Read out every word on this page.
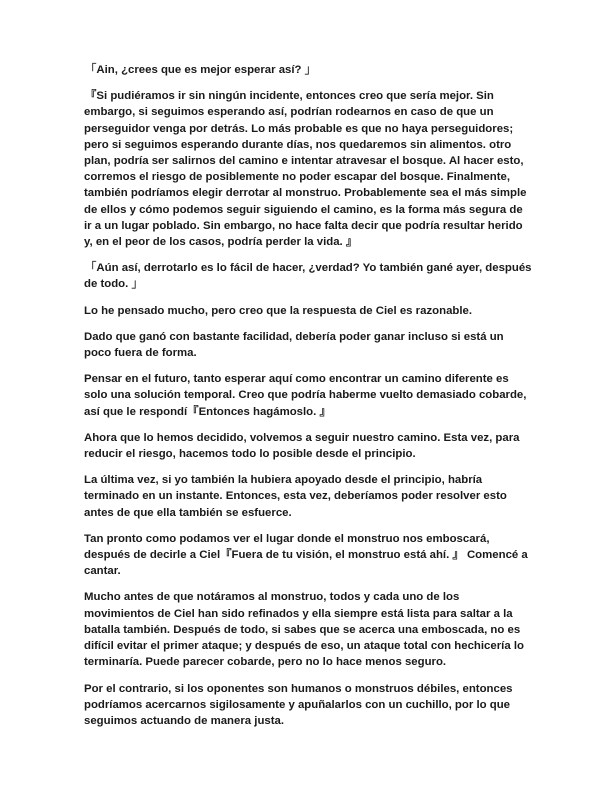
「Ain, ¿crees que es mejor esperar así? 」

『Si pudiéramos ir sin ningún incidente, entonces creo que sería mejor. Sin embargo, si seguimos esperando así, podrían rodearnos en caso de que un perseguidor venga por detrás. Lo más probable es que no haya perseguidores; pero si seguimos esperando durante días, nos quedaremos sin alimentos. otro plan, podría ser salirnos del camino e intentar atravesar el bosque. Al hacer esto, corremos el riesgo de posiblemente no poder escapar del bosque. Finalmente, también podríamos elegir derrotar al monstruo. Probablemente sea el más simple de ellos y cómo podemos seguir siguiendo el camino, es la forma más segura de ir a un lugar poblado. Sin embargo, no hace falta decir que podría resultar herido y, en el peor de los casos, podría perder la vida. 』

「Aún así, derrotarlo es lo fácil de hacer, ¿verdad? Yo también gané ayer, después de todo. 」

Lo he pensado mucho, pero creo que la respuesta de Ciel es razonable.

Dado que ganó con bastante facilidad, debería poder ganar incluso si está un poco fuera de forma.

Pensar en el futuro, tanto esperar aquí como encontrar un camino diferente es solo una solución temporal. Creo que podría haberme vuelto demasiado cobarde, así que le respondí『Entonces hagámoslo. 』

Ahora que lo hemos decidido, volvemos a seguir nuestro camino. Esta vez, para reducir el riesgo, hacemos todo lo posible desde el principio.

La última vez, si yo también la hubiera apoyado desde el principio, habría terminado en un instante. Entonces, esta vez, deberíamos poder resolver esto antes de que ella también se esfuerce.

Tan pronto como podamos ver el lugar donde el monstruo nos emboscará, después de decirle a Ciel『Fuera de tu visión, el monstruo está ahí. 』 Comencé a cantar.

Mucho antes de que notáramos al monstruo, todos y cada uno de los movimientos de Ciel han sido refinados y ella siempre está lista para saltar a la batalla también. Después de todo, si sabes que se acerca una emboscada, no es difícil evitar el primer ataque; y después de eso, un ataque total con hechicería lo terminaría. Puede parecer cobarde, pero no lo hace menos seguro.

Por el contrario, si los oponentes son humanos o monstruos débiles, entonces podríamos acercarnos sigilosamente y apuñalarlos con un cuchillo, por lo que seguimos actuando de manera justa.
